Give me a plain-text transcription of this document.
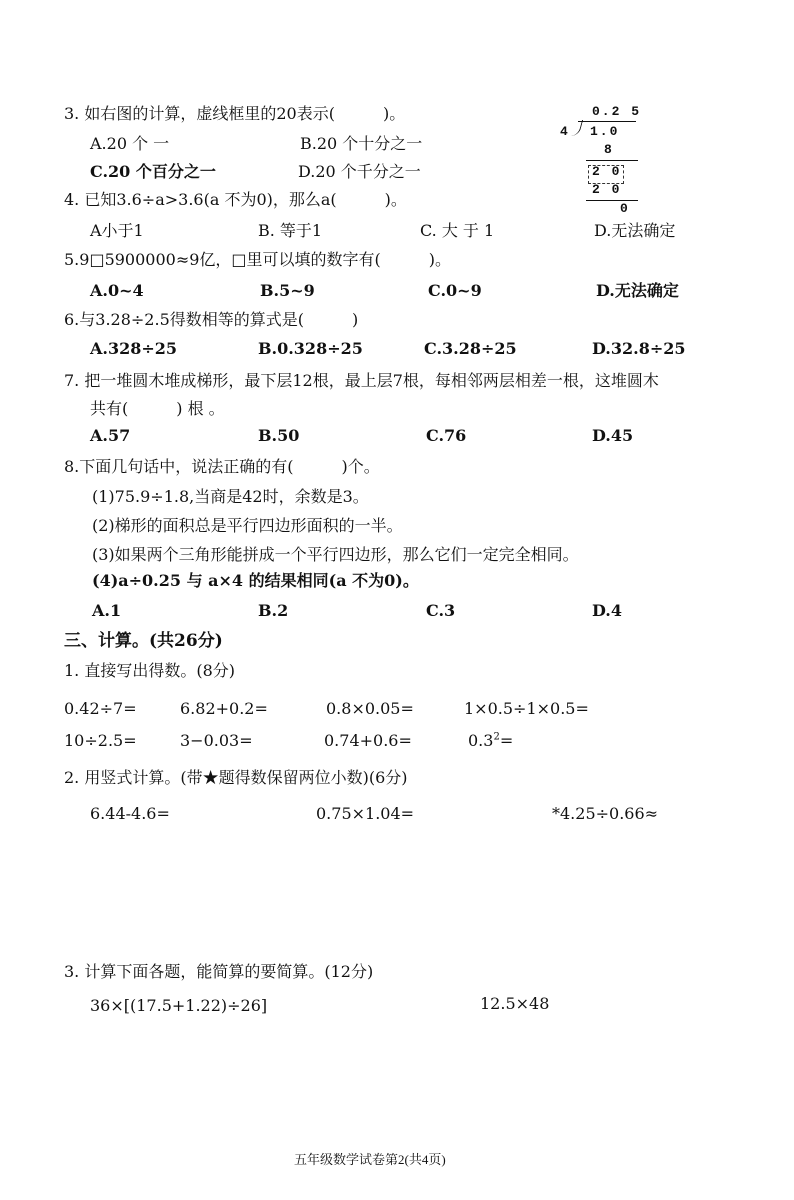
3. 如右图的计算，虚线框里的20表示(　　　)。
A.20 个 一	B.20 个十分之一
C.20 个百分之一	D.20 个千分之一
0.2 5
4 1.0
8
2 0
2 0
0
4. 已知3.6÷a>3.6(a 不为0)，那么a(　　　)。
A小于1	B. 等于1	C. 大 于 1	D.无法确定
5.9□5900000≈9亿，□里可以填的数字有(　　　)。
A.0~4	B.5~9	C.0~9	D.无法确定
6.与3.28÷2.5得数相等的算式是(　　　)
A.328÷25	B.0.328÷25	C.3.28÷25	D.32.8÷25
7. 把一堆圆木堆成梯形，最下层12根，最上层7根，每相邻两层相差一根，这堆圆木
共有(　　　) 根 。
A.57	B.50	C.76	D.45
8.下面几句话中，说法正确的有(　　　)个。
(1)75.9÷1.8,当商是42时，余数是3。
(2)梯形的面积总是平行四边形面积的一半。
(3)如果两个三角形能拼成一个平行四边形，那么它们一定完全相同。
(4)a÷0.25 与 a×4 的结果相同(a 不为0)。
A.1	B.2	C.3	D.4
三、计算。(共26分)
1. 直接写出得数。(8分)
0.42÷7=	6.82+0.2=	0.8×0.05=	1×0.5÷1×0.5=
10÷2.5=	3−0.03=	0.74+0.6=	$0.3^2=$
2. 用竖式计算。(带★题得数保留两位小数)(6分)
6.44-4.6=	0.75×1.04=	*4.25÷0.66≈
3. 计算下面各题，能简算的要简算。(12分)
36×[(17.5+1.22)÷26]	12.5×48
五年级数学试卷第2(共4页)
